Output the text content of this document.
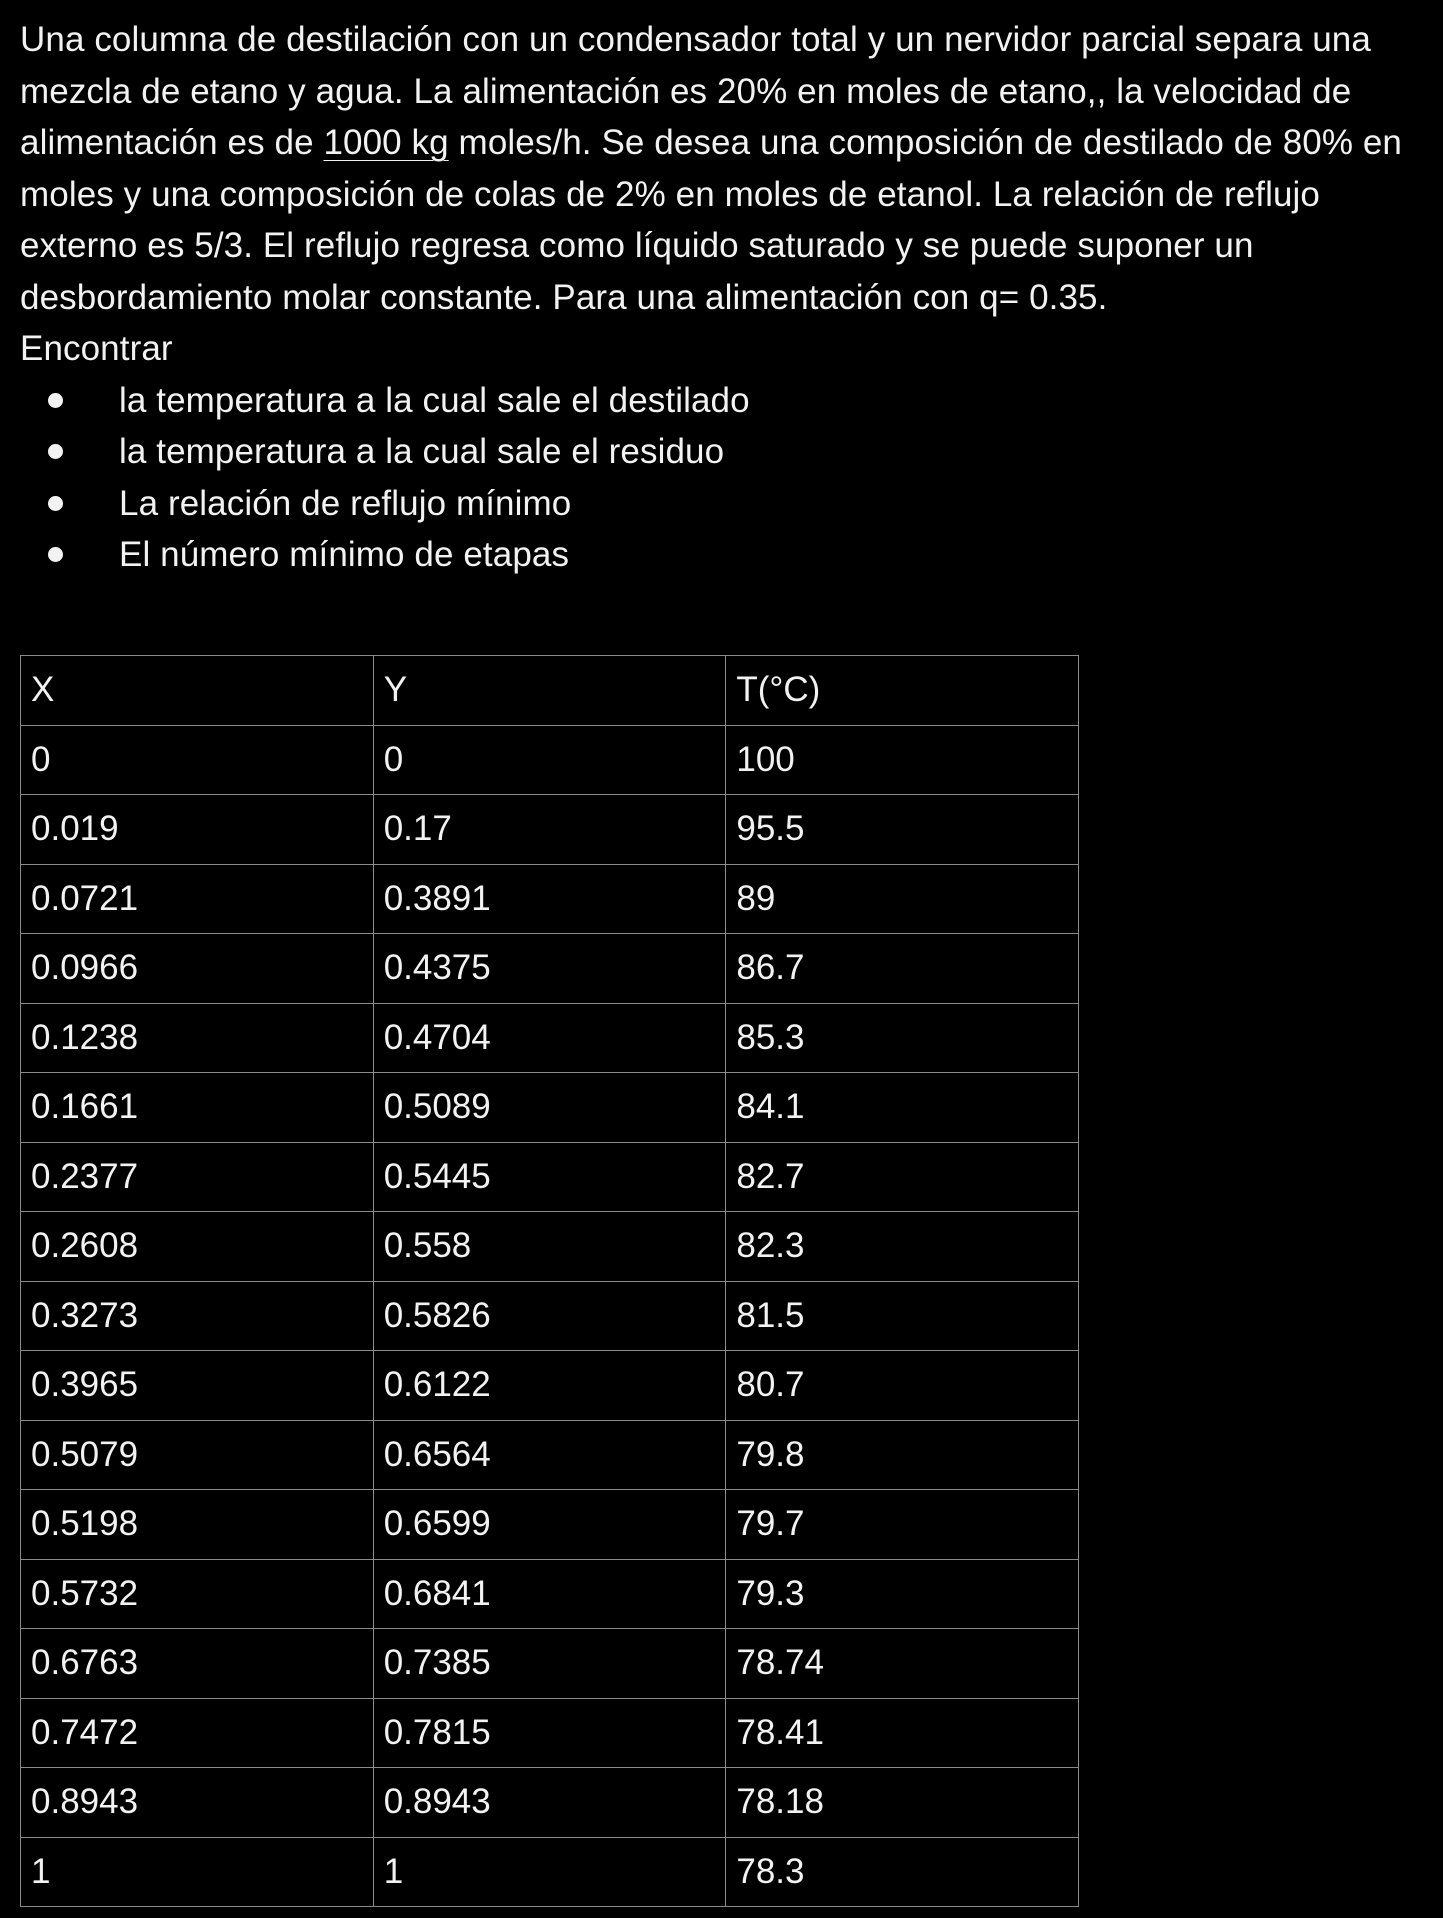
Una columna de destilación con un condensador total y un nervidor parcial separa una mezcla de etano y agua. La alimentación es 20% en moles de etano,, la velocidad de alimentación es de 1000 kg moles/h. Se desea una composición de destilado de 80% en moles y una composición de colas de 2% en moles de etanol. La relación de reflujo externo es 5/3. El reflujo regresa como líquido saturado y se puede suponer un desbordamiento molar constante. Para una alimentación con q= 0.35.

Encontrar

la temperatura a la cual sale el destilado
la temperatura a la cual sale el residuo
La relación de reflujo mínimo
El número mínimo de etapas
X	Y	T(°C)
0	0	100
0.019	0.17	95.5
0.0721	0.3891	89
0.0966	0.4375	86.7
0.1238	0.4704	85.3
0.1661	0.5089	84.1
0.2377	0.5445	82.7
0.2608	0.558	82.3
0.3273	0.5826	81.5
0.3965	0.6122	80.7
0.5079	0.6564	79.8
0.5198	0.6599	79.7
0.5732	0.6841	79.3
0.6763	0.7385	78.74
0.7472	0.7815	78.41
0.8943	0.8943	78.18
1	1	78.3
